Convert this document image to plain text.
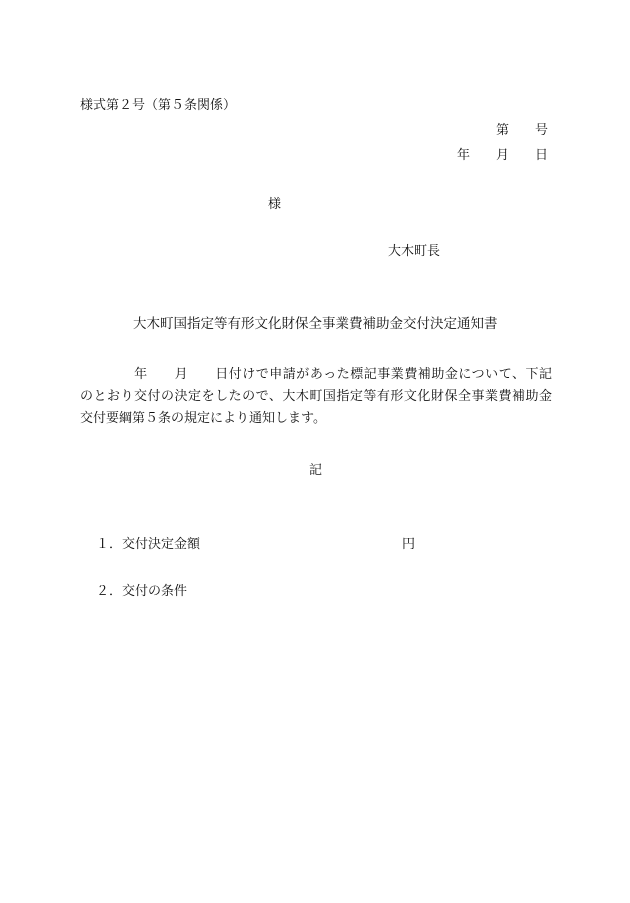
様式第２号（第５条関係）
第　　号
年　　月　　日
様
大木町長
大木町国指定等有形文化財保全事業費補助金交付決定通知書
　　　　年　　月　　日付けで申請があった標記事業費補助金について、下記
のとおり交付の決定をしたので、大木町国指定等有形文化財保全事業費補助金
交付要綱第５条の規定により通知します。
記
１．交付決定金額	円
２．交付の条件
